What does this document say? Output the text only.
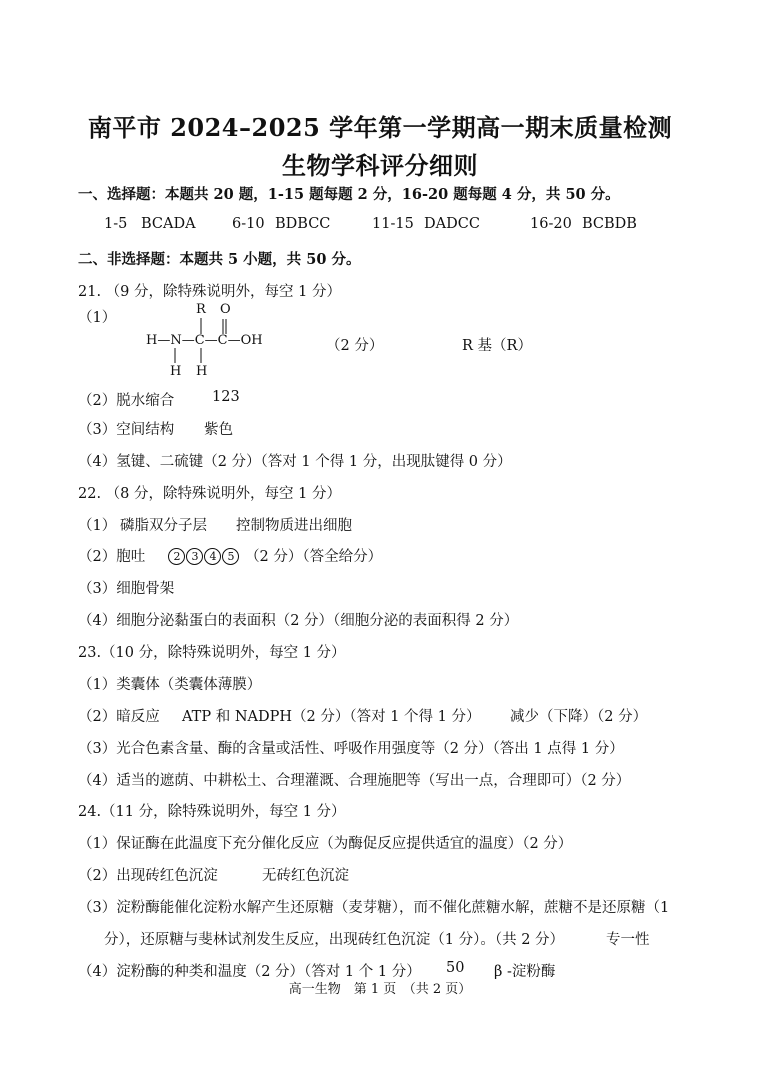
南平市 2024–2025 学年第一学期高一期末质量检测
生物学科评分细则
一、选择题：本题共 20 题，1-15 题每题 2 分，16-20 题每题 4 分，共 50 分。
1-5 BCADA	6-10 BDBCC	11-15 DADCC	16-20 BCBDB
二、非选择题：本题共 5 小题，共 50 分。
21. （9 分，除特殊说明外，每空 1 分）
（1）
R O
H—N—C—C—OH
H H
（2 分）	R 基（R）
（2）脱水缩合	123
（3）空间结构 紫色
（4）氢键、二硫键（2 分）（答对 1 个得 1 分，出现肽键得 0 分）
22. （8 分，除特殊说明外，每空 1 分）
（1） 磷脂双分子层 控制物质进出细胞
（2）胞吐	2 3 4 5 （2 分）（答全给分）
（3）细胞骨架
（4）细胞分泌黏蛋白的表面积（2 分）（细胞分泌的表面积得 2 分）
23.（10 分，除特殊说明外，每空 1 分）
（1）类囊体（类囊体薄膜）
（2）暗反应 ATP 和 NADPH（2 分）（答对 1 个得 1 分） 减少（下降）（2 分）
（3）光合色素含量、酶的含量或活性、呼吸作用强度等（2 分）（答出 1 点得 1 分）
（4）适当的遮荫、中耕松土、合理灌溉、合理施肥等（写出一点，合理即可）（2 分）
24.（11 分，除特殊说明外，每空 1 分）
（1）保证酶在此温度下充分催化反应（为酶促反应提供适宜的温度）（2 分）
（2）出现砖红色沉淀	无砖红色沉淀
（3）淀粉酶能催化淀粉水解产生还原糖（麦芽糖），而不催化蔗糖水解，蔗糖不是还原糖（1
分），还原糖与斐林试剂发生反应，出现砖红色沉淀（1 分）。（共 2 分）	专一性
（4）淀粉酶的种类和温度（2 分）（答对 1 个 1 分） 50 β -淀粉酶
高一生物　第 1 页　（共 2 页）
